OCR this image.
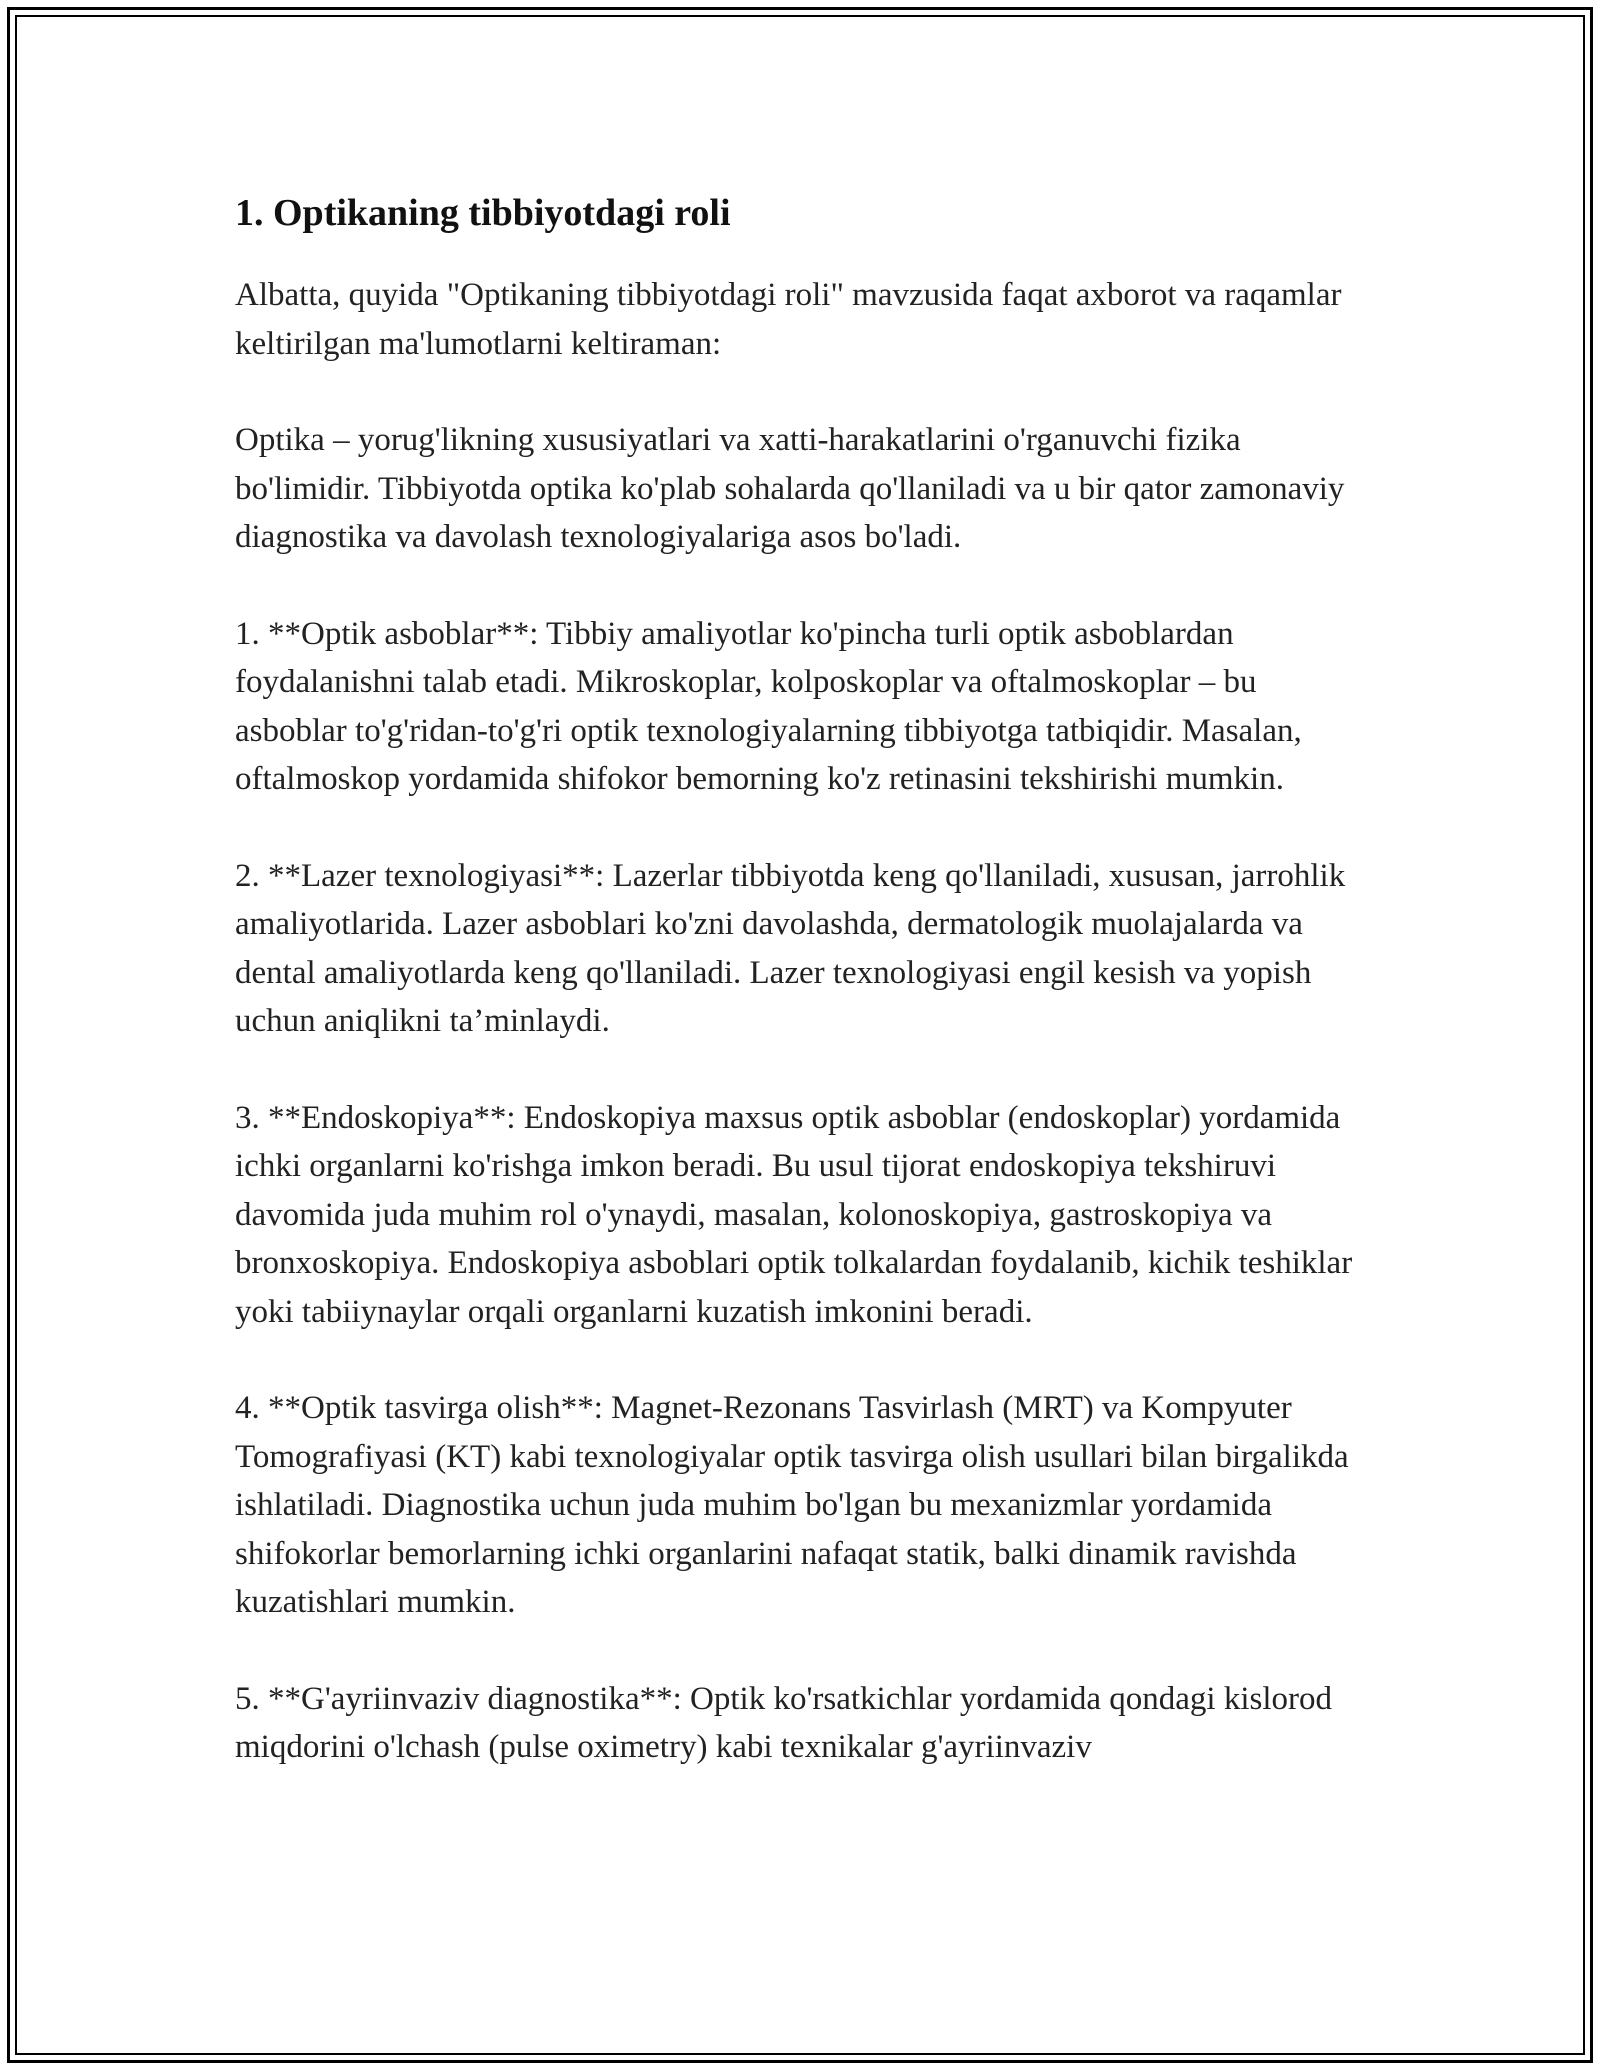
1. Optikaning tibbiyotdagi roli

Albatta, quyida "Optikaning tibbiyotdagi roli" mavzusida faqat axborot va raqamlar keltirilgan ma'lumotlarni keltiraman:

Optika – yorug'likning xususiyatlari va xatti-harakatlarini o'rganuvchi fizika bo'limidir. Tibbiyotda optika ko'plab sohalarda qo'llaniladi va u bir qator zamonaviy diagnostika va davolash texnologiyalariga asos bo'ladi.

1. **Optik asboblar**: Tibbiy amaliyotlar ko'pincha turli optik asboblardan foydalanishni talab etadi. Mikroskoplar, kolposkoplar va oftalmoskoplar – bu asboblar to'g'ridan-to'g'ri optik texnologiyalarning tibbiyotga tatbiqidir. Masalan, oftalmoskop yordamida shifokor bemorning ko'z retinasini tekshirishi mumkin.

2. **Lazer texnologiyasi**: Lazerlar tibbiyotda keng qo'llaniladi, xususan, jarrohlik amaliyotlarida. Lazer asboblari ko'zni davolashda, dermatologik muolajalarda va dental amaliyotlarda keng qo'llaniladi. Lazer texnologiyasi engil kesish va yopish uchun aniqlikni ta’minlaydi.

3. **Endoskopiya**: Endoskopiya maxsus optik asboblar (endoskoplar) yordamida ichki organlarni ko'rishga imkon beradi. Bu usul tijorat endoskopiya tekshiruvi davomida juda muhim rol o'ynaydi, masalan, kolonoskopiya, gastroskopiya va bronxoskopiya. Endoskopiya asboblari optik tolkalardan foydalanib, kichik teshiklar yoki tabiiynaylar orqali organlarni kuzatish imkonini beradi.

4. **Optik tasvirga olish**: Magnet-Rezonans Tasvirlash (MRT) va Kompyuter Tomografiyasi (KT) kabi texnologiyalar optik tasvirga olish usullari bilan birgalikda ishlatiladi. Diagnostika uchun juda muhim bo'lgan bu mexanizmlar yordamida shifokorlar bemorlarning ichki organlarini nafaqat statik, balki dinamik ravishda kuzatishlari mumkin.

5. **G'ayriinvaziv diagnostika**: Optik ko'rsatkichlar yordamida qondagi kislorod miqdorini o'lchash (pulse oximetry) kabi texnikalar g'ayriinvaziv
